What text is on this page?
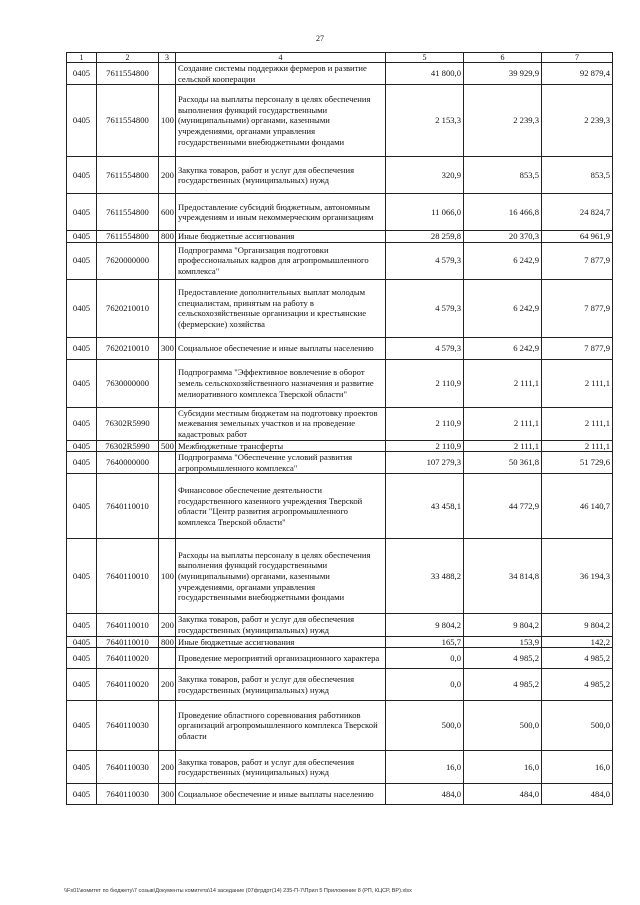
27
1	2	3	4	5	6	7
0405	7611554800		Создание системы поддержки фермеров и развитие сельской кооперации	41 800,0	39 929,9	92 879,4
0405	7611554800	100	Расходы на выплаты персоналу в целях обеспечения выполнения функций государственными (муниципальными) органами, казенными учреждениями, органами управления государственными внебюджетными фондами	2 153,3	2 239,3	2 239,3
0405	7611554800	200	Закупка товаров, работ и услуг для обеспечения государственных (муниципальных) нужд	320,9	853,5	853,5
0405	7611554800	600	Предоставление субсидий бюджетным, автономным учреждениям и иным некоммерческим организациям	11 066,0	16 466,8	24 824,7
0405	7611554800	800	Иные бюджетные ассигнования	28 259,8	20 370,3	64 961,9
0405	7620000000		Подпрограмма "Организация подготовки профессиональных кадров для агропромышленного комплекса"	4 579,3	6 242,9	7 877,9
0405	7620210010		Предоставление дополнительных выплат молодым специалистам, принятым на работу в сельскохозяйственные организации и крестьянские (фермерские) хозяйства	4 579,3	6 242,9	7 877,9
0405	7620210010	300	Социальное обеспечение и иные выплаты населению	4 579,3	6 242,9	7 877,9
0405	7630000000		Подпрограмма "Эффективное вовлечение в оборот земель сельскохозяйственного назначения и развитие мелиоративного комплекса Тверской области"	2 110,9	2 111,1	2 111,1
0405	76302R5990		Субсидии местным бюджетам на подготовку проектов межевания земельных участков и на проведение кадастровых работ	2 110,9	2 111,1	2 111,1
0405	76302R5990	500	Межбюджетные трансферты	2 110,9	2 111,1	2 111,1
0405	7640000000		Подпрограмма "Обеспечение условий развития агропромышленного комплекса"	107 279,3	50 361,8	51 729,6
0405	7640110010		Финансовое обеспечение деятельности государственного казенного учреждения Тверской области "Центр развития агропромышленного комплекса Тверской области"	43 458,1	44 772,9	46 140,7
0405	7640110010	100	Расходы на выплаты персоналу в целях обеспечения выполнения функций государственными (муниципальными) органами, казенными учреждениями, органами управления государственными внебюджетными фондами	33 488,2	34 814,8	36 194,3
0405	7640110010	200	Закупка товаров, работ и услуг для обеспечения государственных (муниципальных) нужд	9 804,2	9 804,2	9 804,2
0405	7640110010	800	Иные бюджетные ассигнования	165,7	153,9	142,2
0405	7640110020		Проведение мероприятий организационного характера	0,0	4 985,2	4 985,2
0405	7640110020	200	Закупка товаров, работ и услуг для обеспечения государственных (муниципальных) нужд	0,0	4 985,2	4 985,2
0405	7640110030		Проведение областного соревнования работников организаций агропромышленного комплекса Тверской области	500,0	500,0	500,0
0405	7640110030	200	Закупка товаров, работ и услуг для обеспечения государственных (муниципальных) нужд	16,0	16,0	16,0
0405	7640110030	300	Социальное обеспечение и иные выплаты населению	484,0	484,0	484,0
\\Fs01\комитет по бюджету\7 созыв\Документы комитета\14 заседание (07фгрдрт(14) 235-П-7\Прил 5 Приложение 8 (РП, КЦСР, ВР).xlsx
